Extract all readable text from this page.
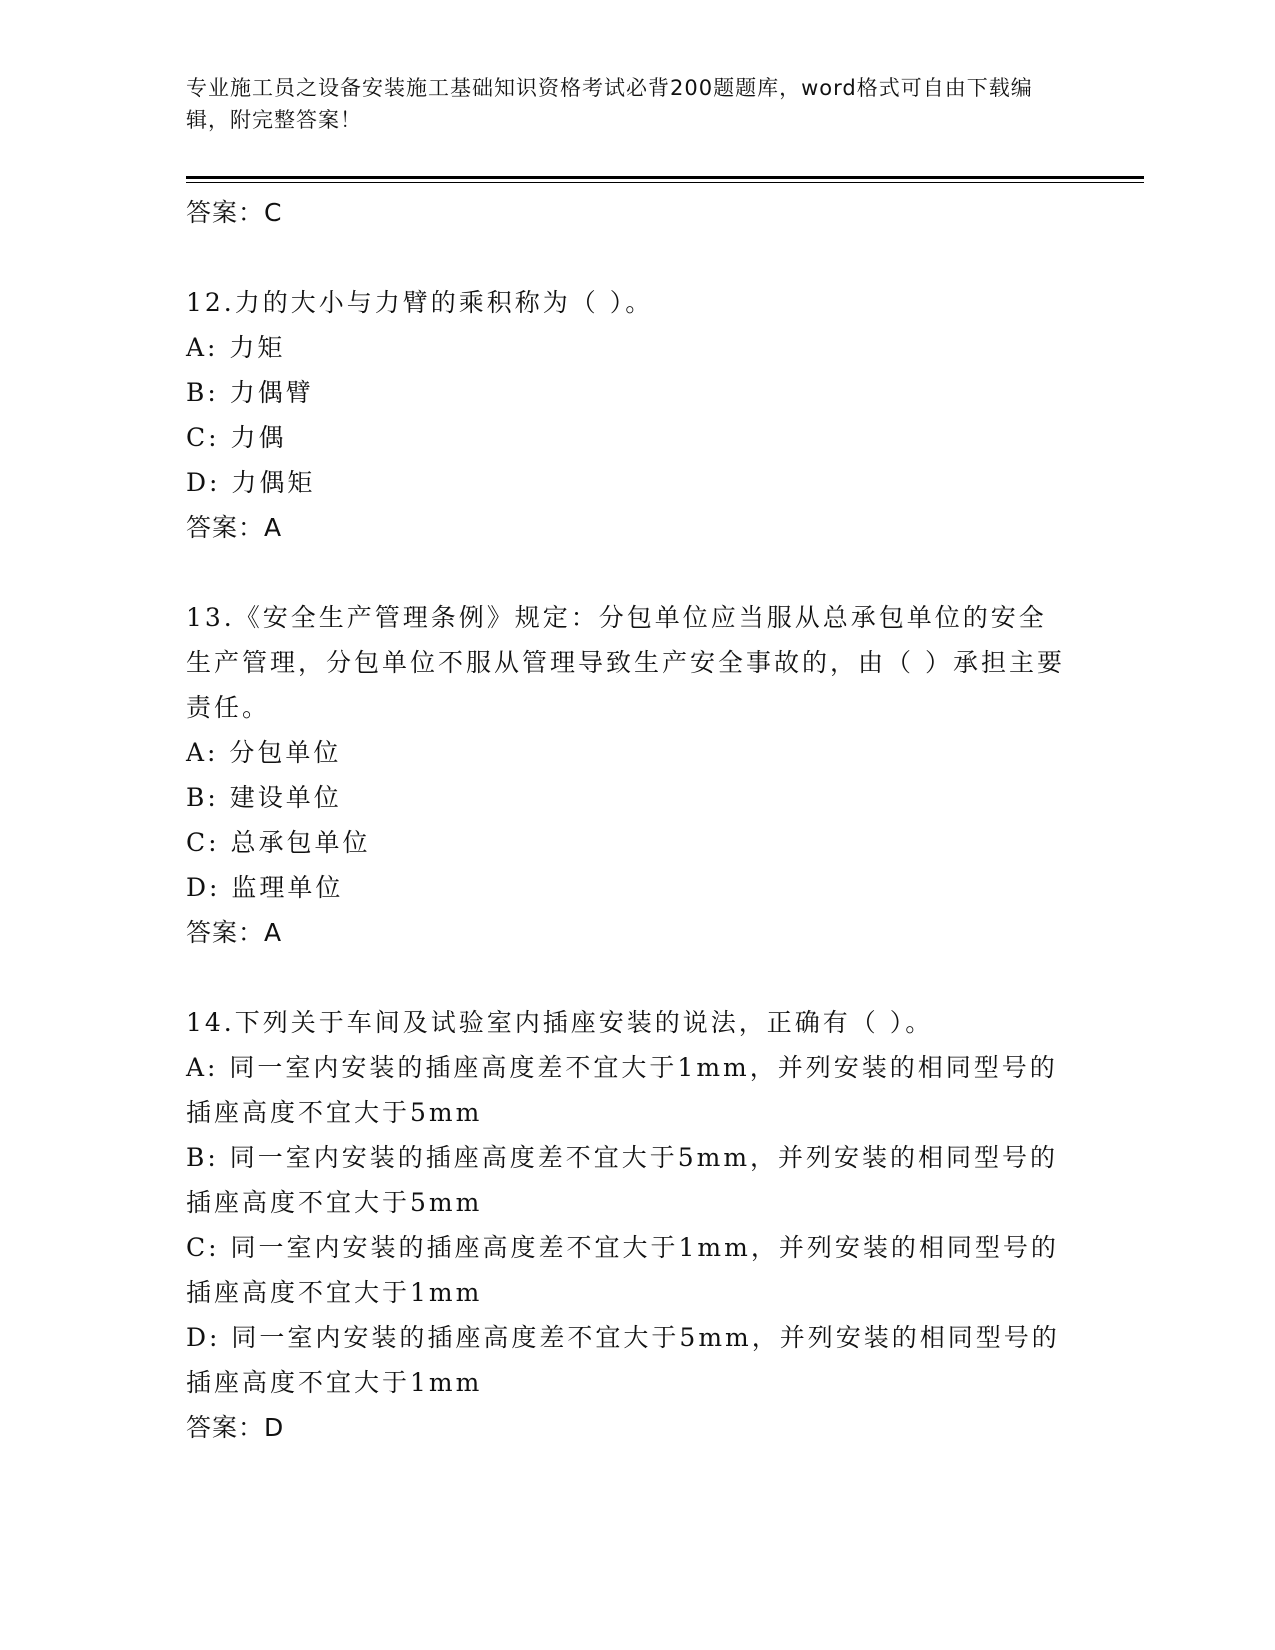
专业施工员之设备安装施工基础知识资格考试必背200题题库，word格式可自由下载编辑，附完整答案！

答案：C

12.力的大小与力臂的乘积称为（ ）。

A: 力矩

B: 力偶臂

C: 力偶

D: 力偶矩

答案：A

13.《安全生产管理条例》规定：分包单位应当服从总承包单位的安全生产管理，分包单位不服从管理导致生产安全事故的，由（ ）承担主要责任。

A: 分包单位

B: 建设单位

C: 总承包单位

D: 监理单位

答案：A

14.下列关于车间及试验室内插座安装的说法，正确有（ ）。

A: 同一室内安装的插座高度差不宜大于1mm，并列安装的相同型号的插座高度不宜大于5mm

B: 同一室内安装的插座高度差不宜大于5mm，并列安装的相同型号的插座高度不宜大于5mm

C: 同一室内安装的插座高度差不宜大于1mm，并列安装的相同型号的插座高度不宜大于1mm

D: 同一室内安装的插座高度差不宜大于5mm，并列安装的相同型号的插座高度不宜大于1mm

答案：D
